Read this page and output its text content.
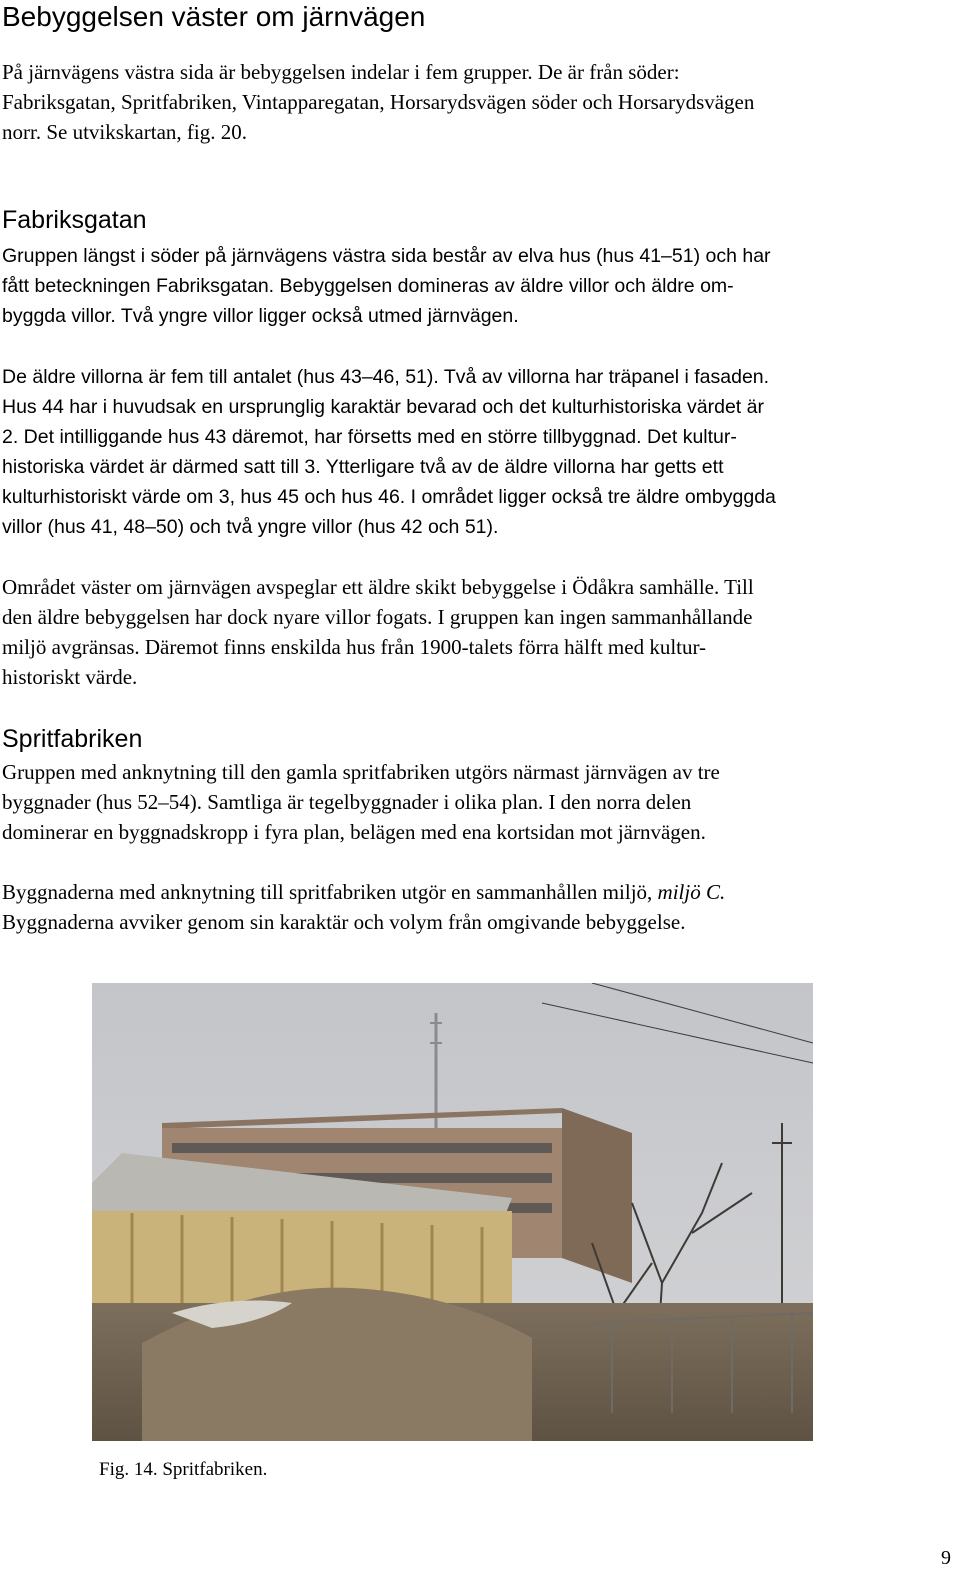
Bebyggelsen väster om järnvägen
På järnvägens västra sida är bebyggelsen indelar i fem grupper. De är från söder:
Fabriksgatan, Spritfabriken, Vintapparegatan, Horsarydsvägen söder och Horsarydsvägen
norr. Se utvikskartan, fig. 20.
Fabriksgatan
Gruppen längst i söder på järnvägens västra sida består av elva hus (hus 41–51) och har
fått beteckningen Fabriksgatan. Bebyggelsen domineras av äldre villor och äldre om-
byggda villor. Två yngre villor ligger också utmed järnvägen.
De äldre villorna är fem till antalet (hus 43–46, 51). Två av villorna har träpanel i fasaden.
Hus 44 har i huvudsak en ursprunglig karaktär bevarad och det kulturhistoriska värdet är
2. Det intilliggande hus 43 däremot, har försetts med en större tillbyggnad. Det kultur-
historiska värdet är därmed satt till 3. Ytterligare två av de äldre villorna har getts ett
kulturhistoriskt värde om 3, hus 45 och hus 46. I området ligger också tre äldre ombyggda
villor (hus 41, 48–50) och två yngre villor (hus 42 och 51).
Området väster om järnvägen avspeglar ett äldre skikt bebyggelse i Ödåkra samhälle. Till
den äldre bebyggelsen har dock nyare villor fogats. I gruppen kan ingen sammanhållande
miljö avgränsas. Däremot finns enskilda hus från 1900-talets förra hälft med kultur-
historiskt värde.
Spritfabriken
Gruppen med anknytning till den gamla spritfabriken utgörs närmast järnvägen av tre
byggnader (hus 52–54). Samtliga är tegelbyggnader i olika plan. I den norra delen
dominerar en byggnadskropp i fyra plan, belägen med ena kortsidan mot järnvägen.
Byggnaderna med anknytning till spritfabriken utgör en sammanhållen miljö, miljö C.
Byggnaderna avviker genom sin karaktär och volym från omgivande bebyggelse.
Fig. 14. Spritfabriken.
9
